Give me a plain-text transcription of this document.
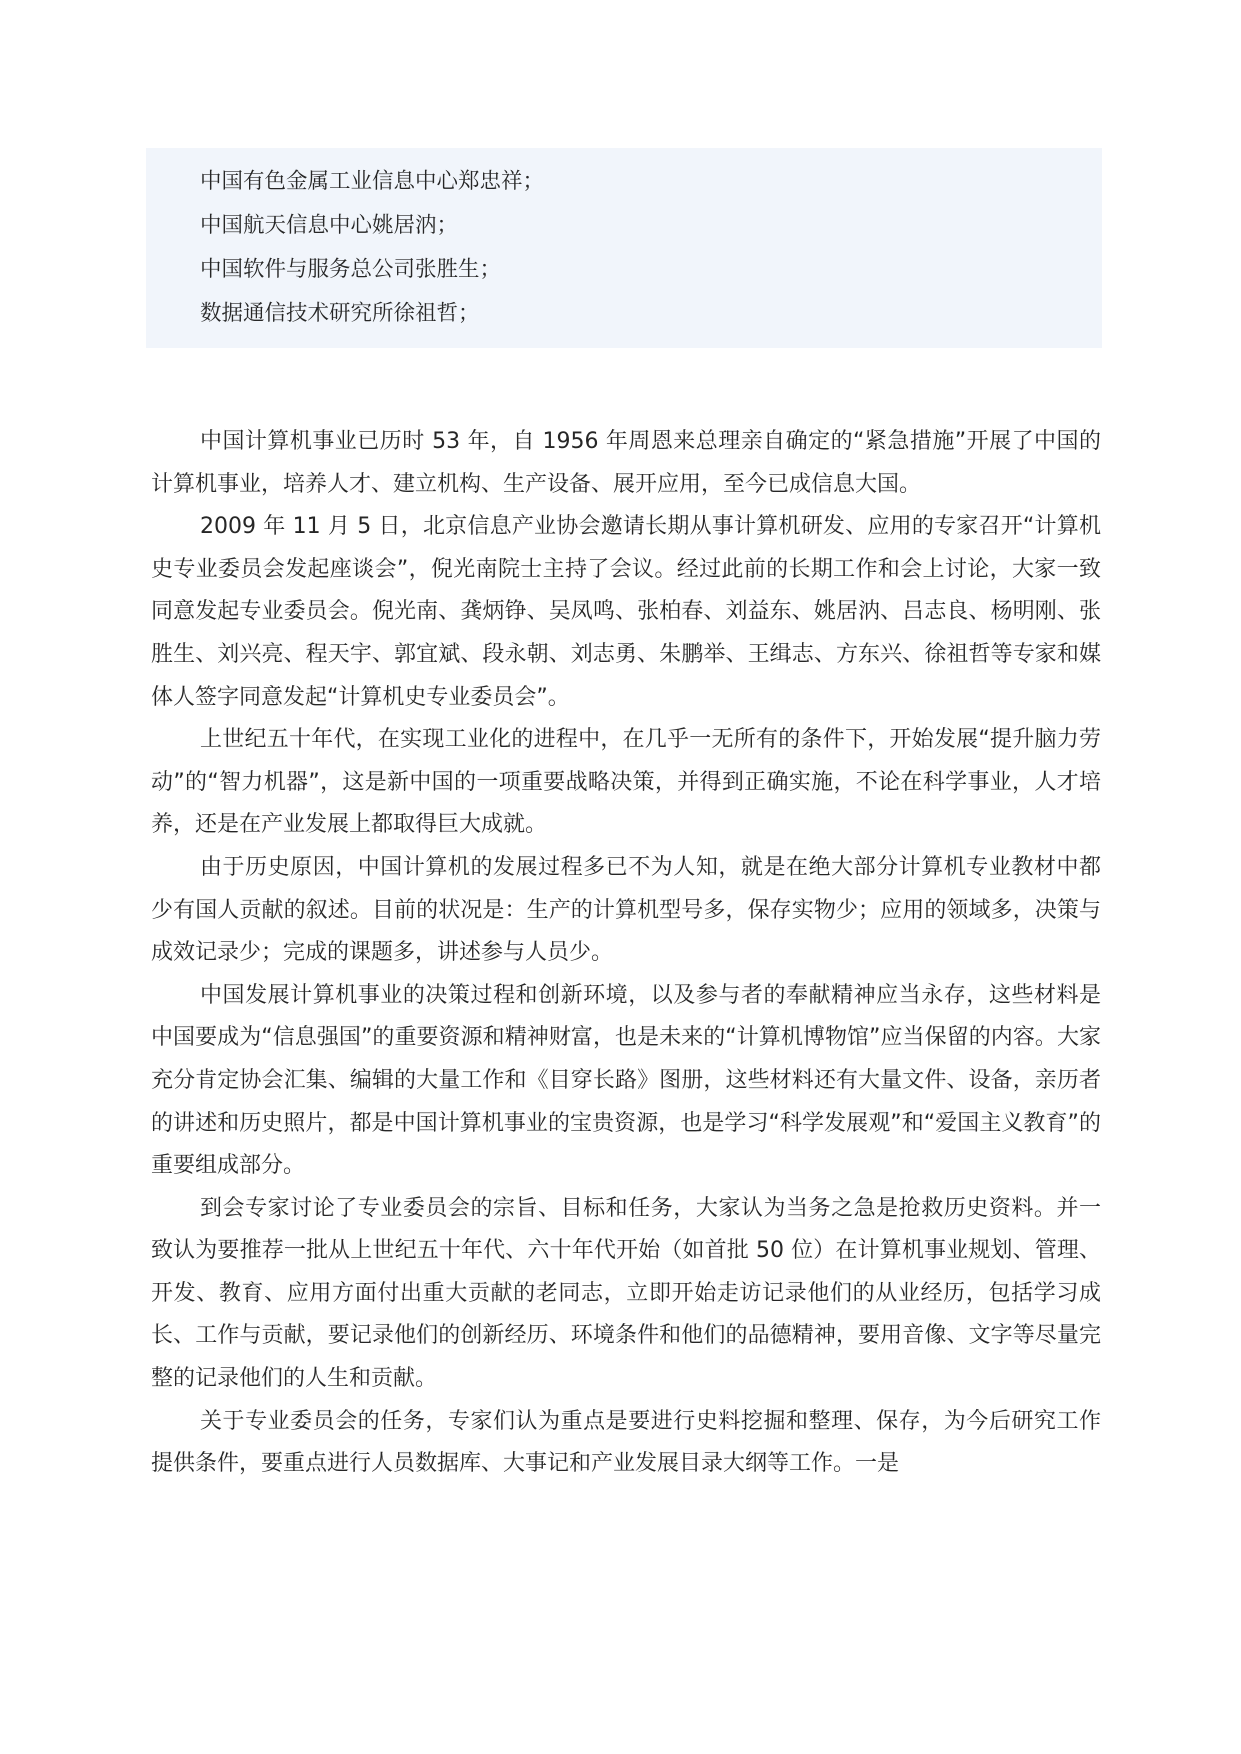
中国有色金属工业信息中心郑忠祥；

中国航天信息中心姚居汭；

中国软件与服务总公司张胜生；

数据通信技术研究所徐祖哲；

中国计算机事业已历时 53 年，自 1956 年周恩来总理亲自确定的“紧急措施”开展了中国的计算机事业，培养人才、建立机构、生产设备、展开应用，至今已成信息大国。

2009 年 11 月 5 日，北京信息产业协会邀请长期从事计算机研发、应用的专家召开“计算机史专业委员会发起座谈会”，倪光南院士主持了会议。经过此前的长期工作和会上讨论，大家一致同意发起专业委员会。倪光南、龚炳铮、吴凤鸣、张柏春、刘益东、姚居汭、吕志良、杨明刚、张胜生、刘兴亮、程天宇、郭宜斌、段永朝、刘志勇、朱鹏举、王缉志、方东兴、徐祖哲等专家和媒体人签字同意发起“计算机史专业委员会”。

上世纪五十年代，在实现工业化的进程中，在几乎一无所有的条件下，开始发展“提升脑力劳动”的“智力机器”，这是新中国的一项重要战略决策，并得到正确实施，不论在科学事业，人才培养，还是在产业发展上都取得巨大成就。

由于历史原因，中国计算机的发展过程多已不为人知，就是在绝大部分计算机专业教材中都少有国人贡献的叙述。目前的状况是：生产的计算机型号多，保存实物少；应用的领域多，决策与成效记录少；完成的课题多，讲述参与人员少。

中国发展计算机事业的决策过程和创新环境，以及参与者的奉献精神应当永存，这些材料是中国要成为“信息强国”的重要资源和精神财富，也是未来的“计算机博物馆”应当保留的内容。大家充分肯定协会汇集、编辑的大量工作和《目穿长路》图册，这些材料还有大量文件、设备，亲历者的讲述和历史照片，都是中国计算机事业的宝贵资源，也是学习“科学发展观”和“爱国主义教育”的重要组成部分。

到会专家讨论了专业委员会的宗旨、目标和任务，大家认为当务之急是抢救历史资料。并一致认为要推荐一批从上世纪五十年代、六十年代开始（如首批 50 位）在计算机事业规划、管理、开发、教育、应用方面付出重大贡献的老同志，立即开始走访记录他们的从业经历，包括学习成长、工作与贡献，要记录他们的创新经历、环境条件和他们的品德精神，要用音像、文字等尽量完整的记录他们的人生和贡献。

关于专业委员会的任务，专家们认为重点是要进行史料挖掘和整理、保存，为今后研究工作提供条件，要重点进行人员数据库、大事记和产业发展目录大纲等工作。一是
